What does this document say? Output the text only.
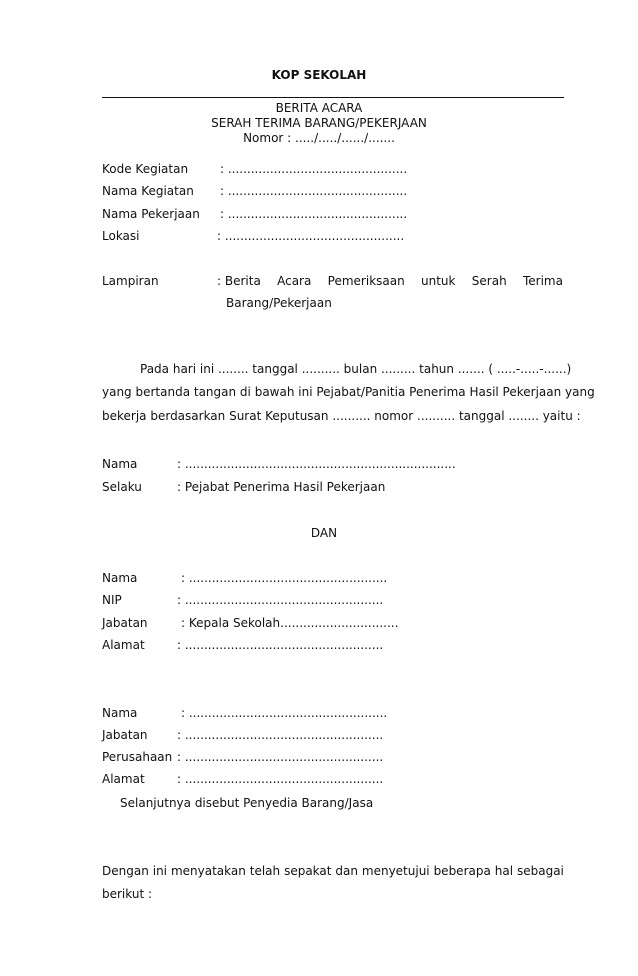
KOP SEKOLAH
BERITA ACARA
SERAH TERIMA BARANG/PEKERJAAN
Nomor : ...../...../....../.......
Kode Kegiatan	: ...............................................
Nama Kegiatan : ...............................................
Nama Pekerjaan : ...............................................
Lokasi	: ...............................................
Lampiran	: Berita Acara Pemeriksaan untuk Serah Terima
Barang/Pekerjaan
Pada hari ini ........ tanggal .......... bulan ......... tahun ....... ( .....-.....-......)
yang bertanda tangan di bawah ini Pejabat/Panitia Penerima Hasil Pekerjaan yang
bekerja berdasarkan Surat Keputusan .......... nomor .......... tanggal ........ yaitu :
Nama	: .......................................................................
Selaku	: Pejabat Penerima Hasil Pekerjaan
DAN
Nama	: ....................................................
NIP	: ....................................................
Jabatan	: Kepala Sekolah...............................
Alamat	: ....................................................
Nama	: ....................................................
Jabatan : ....................................................
Perusahaan : ....................................................
Alamat	: ....................................................
Selanjutnya disebut Penyedia Barang/Jasa
Dengan ini menyatakan telah sepakat dan menyetujui beberapa hal sebagai
berikut :
